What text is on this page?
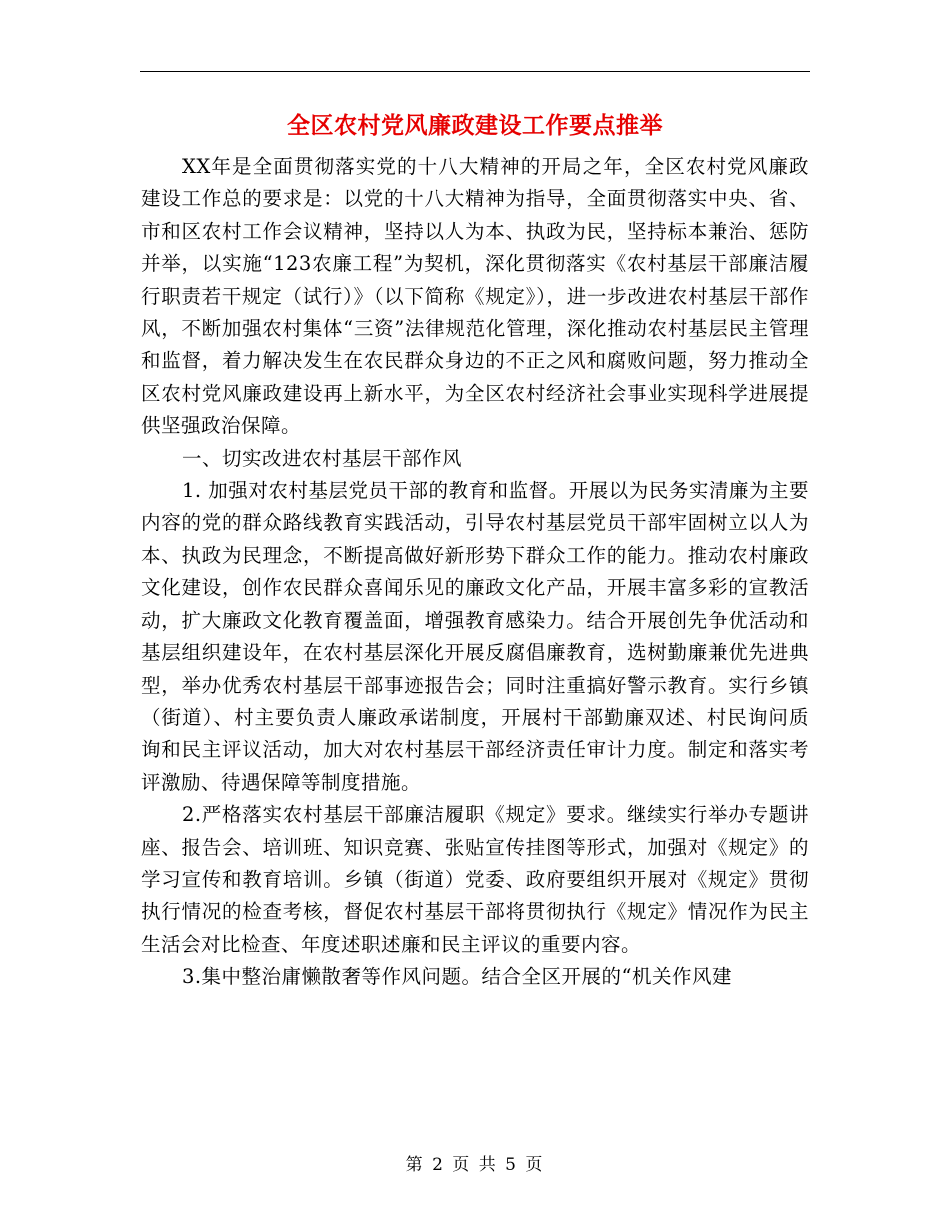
全区农村党风廉政建设工作要点推举

XX年是全面贯彻落实党的十八大精神的开局之年，全区农村党风廉政建设工作总的要求是：以党的十八大精神为指导，全面贯彻落实中央、省、市和区农村工作会议精神，坚持以人为本、执政为民，坚持标本兼治、惩防并举，以实施“123农廉工程”为契机，深化贯彻落实《农村基层干部廉洁履行职责若干规定（试行）》（以下简称《规定》），进一步改进农村基层干部作风，不断加强农村集体“三资”法律规范化管理，深化推动农村基层民主管理和监督，着力解决发生在农民群众身边的不正之风和腐败问题，努力推动全区农村党风廉政建设再上新水平，为全区农村经济社会事业实现科学进展提供坚强政治保障。

一、切实改进农村基层干部作风

1. 加强对农村基层党员干部的教育和监督。开展以为民务实清廉为主要内容的党的群众路线教育实践活动，引导农村基层党员干部牢固树立以人为本、执政为民理念，不断提高做好新形势下群众工作的能力。推动农村廉政文化建设，创作农民群众喜闻乐见的廉政文化产品，开展丰富多彩的宣教活动，扩大廉政文化教育覆盖面，增强教育感染力。结合开展创先争优活动和基层组织建设年，在农村基层深化开展反腐倡廉教育，选树勤廉兼优先进典型，举办优秀农村基层干部事迹报告会；同时注重搞好警示教育。实行乡镇（街道）、村主要负责人廉政承诺制度，开展村干部勤廉双述、村民询问质询和民主评议活动，加大对农村基层干部经济责任审计力度。制定和落实考评激励、待遇保障等制度措施。

2.严格落实农村基层干部廉洁履职《规定》要求。继续实行举办专题讲座、报告会、培训班、知识竞赛、张贴宣传挂图等形式，加强对《规定》的学习宣传和教育培训。乡镇（街道）党委、政府要组织开展对《规定》贯彻执行情况的检查考核，督促农村基层干部将贯彻执行《规定》情况作为民主生活会对比检查、年度述职述廉和民主评议的重要内容。

3.集中整治庸懒散奢等作风问题。结合全区开展的“机关作风建

第 2 页 共 5 页
